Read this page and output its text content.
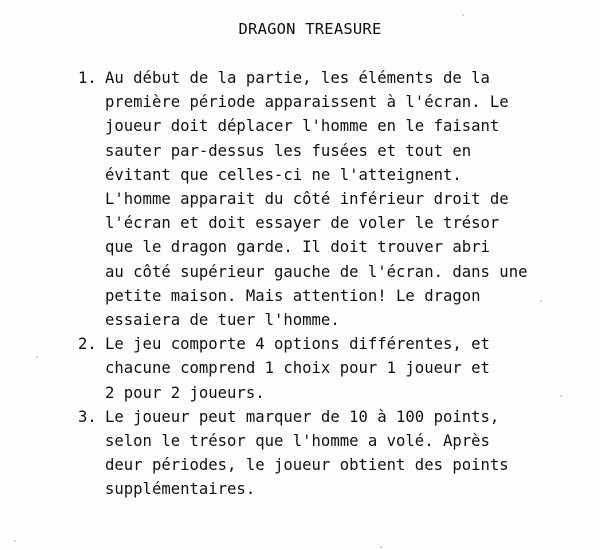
DRAGON TREASURE
1. Au début de la partie, les éléments de la
première période apparaissent à l'écran. Le
joueur doit déplacer l'homme en le faisant
sauter par-dessus les fusées et tout en
évitant que celles-ci ne l'atteignent.
L'homme apparait du côté inférieur droit de
l'écran et doit essayer de voler le trésor
que le dragon garde. Il doit trouver abri
au côté supérieur gauche de l'écran. dans une
petite maison. Mais attention! Le dragon
essaiera de tuer l'homme.
2. Le jeu comporte 4 options différentes, et
chacune comprend 1 choix pour 1 joueur et
2 pour 2 joueurs.
3. Le joueur peut marquer de 10 à 100 points,
selon le trésor que l'homme a volé. Après
deur périodes, le joueur obtient des points
supplémentaires.
